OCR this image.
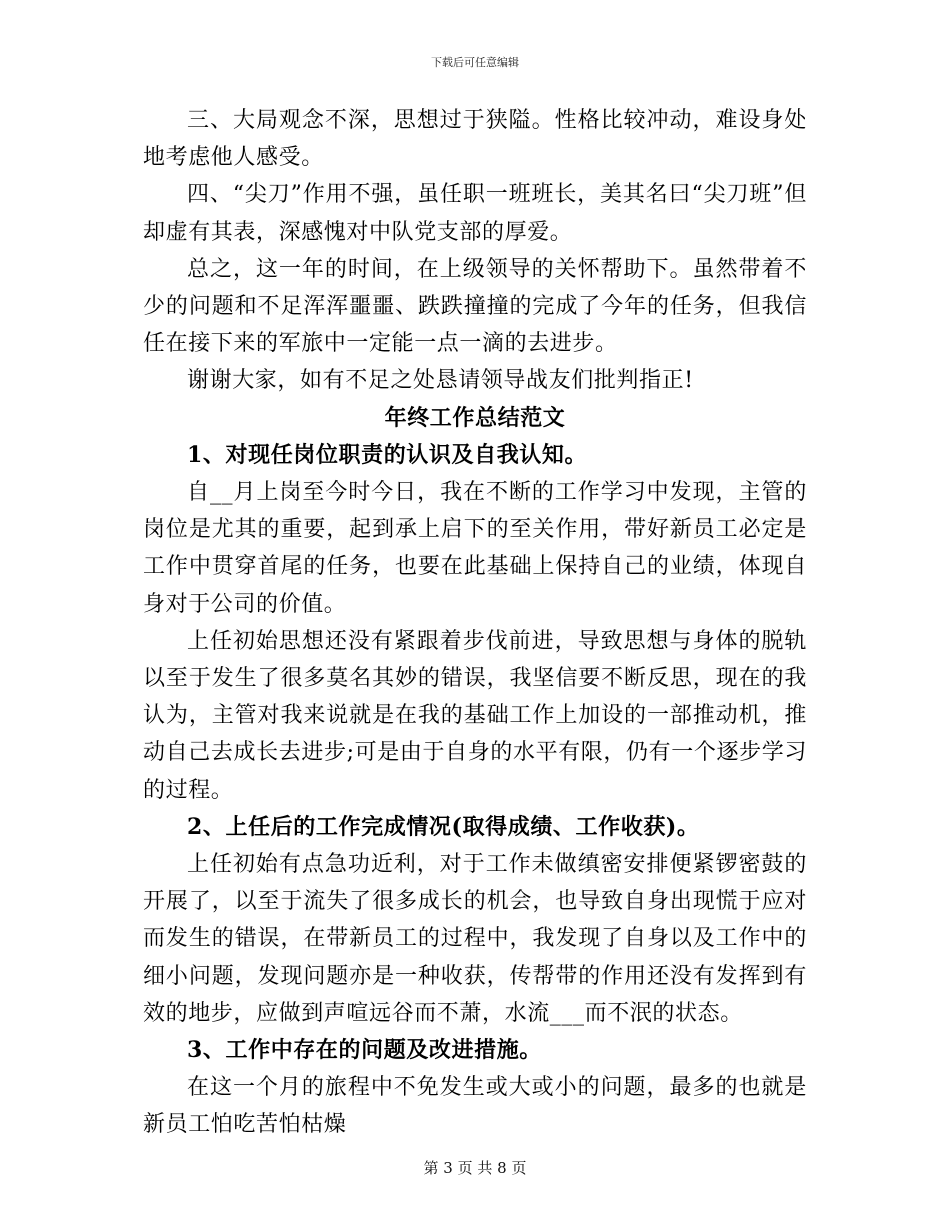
下载后可任意编辑

三、大局观念不深，思想过于狭隘。性格比较冲动，难设身处地考虑他人感受。

四、“尖刀”作用不强，虽任职一班班长，美其名曰“尖刀班”但却虚有其表，深感愧对中队党支部的厚爱。

总之，这一年的时间，在上级领导的关怀帮助下。虽然带着不少的问题和不足浑浑噩噩、跌跌撞撞的完成了今年的任务，但我信任在接下来的军旅中一定能一点一滴的去进步。

谢谢大家，如有不足之处恳请领导战友们批判指正!

年终工作总结范文

1、对现任岗位职责的认识及自我认知。

自__月上岗至今时今日，我在不断的工作学习中发现，主管的岗位是尤其的重要，起到承上启下的至关作用，带好新员工必定是工作中贯穿首尾的任务，也要在此基础上保持自己的业绩，体现自身对于公司的价值。

上任初始思想还没有紧跟着步伐前进，导致思想与身体的脱轨以至于发生了很多莫名其妙的错误，我坚信要不断反思，现在的我认为，主管对我来说就是在我的基础工作上加设的一部推动机，推动自己去成长去进步;可是由于自身的水平有限，仍有一个逐步学习的过程。

2、上任后的工作完成情况(取得成绩、工作收获)。

上任初始有点急功近利，对于工作未做缜密安排便紧锣密鼓的开展了，以至于流失了很多成长的机会，也导致自身出现慌于应对而发生的错误，在带新员工的过程中，我发现了自身以及工作中的细小问题，发现问题亦是一种收获，传帮带的作用还没有发挥到有效的地步，应做到声喧远谷而不萧，水流___而不泯的状态。

3、工作中存在的问题及改进措施。

在这一个月的旅程中不免发生或大或小的问题，最多的也就是新员工怕吃苦怕枯燥

第 3 页 共 8 页
